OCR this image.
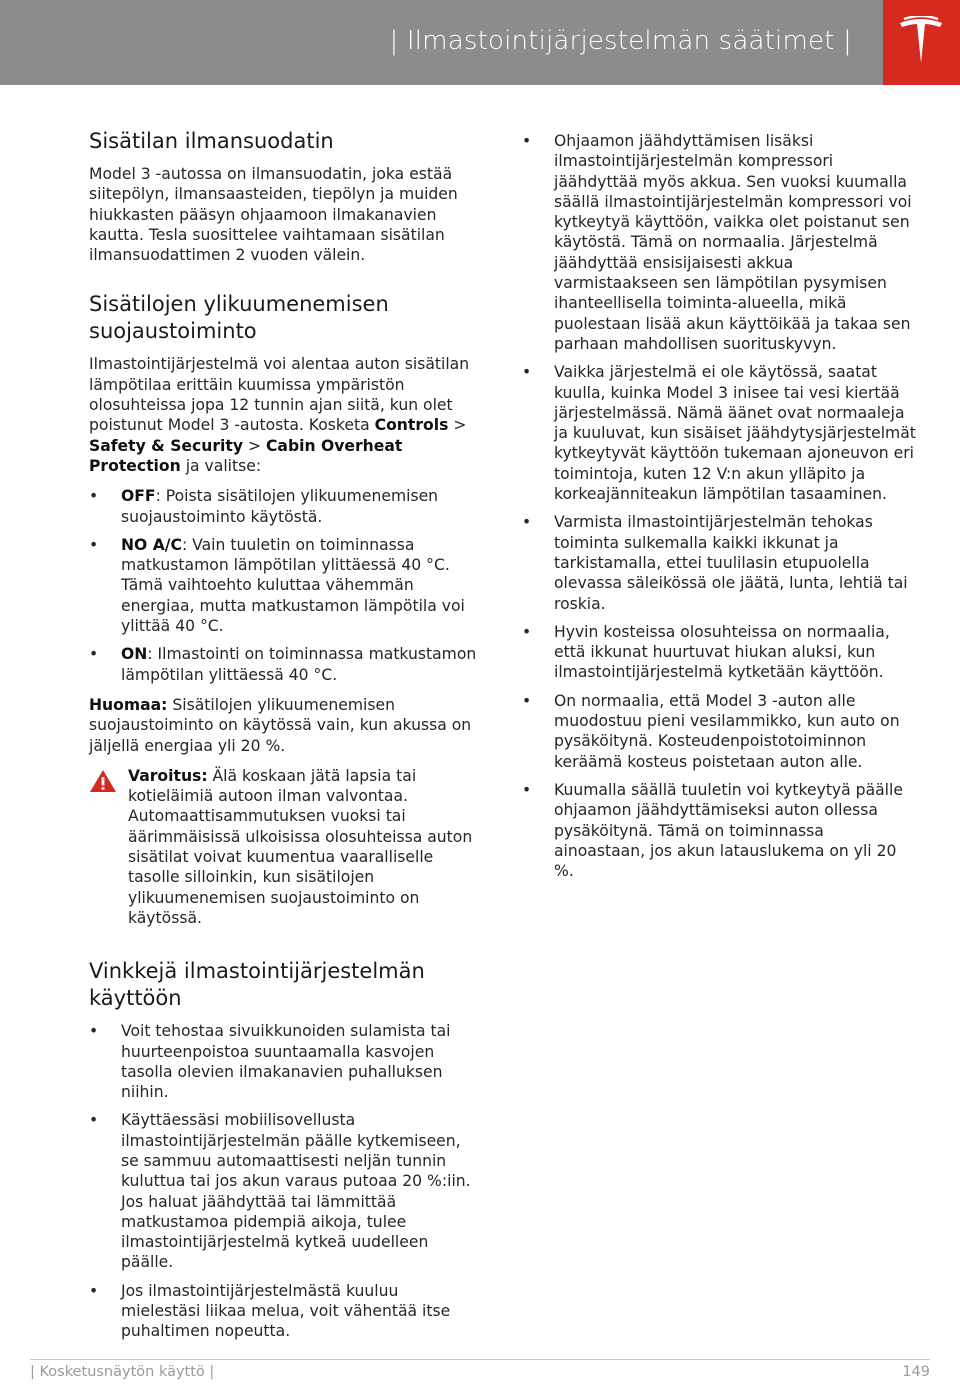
| Ilmastointijärjestelmän säätimet |
Sisätilan ilmansuodatin

Model 3 -autossa on ilmansuodatin, joka estää siitepölyn, ilmansaasteiden, tiepölyn ja muiden hiukkasten pääsyn ohjaamoon ilmakanavien kautta. Tesla suosittelee vaihtamaan sisätilan ilmansuodattimen 2 vuoden välein.

Sisätilojen ylikuumenemisen suojaustoiminto

Ilmastointijärjestelmä voi alentaa auton sisätilan lämpötilaa erittäin kuumissa ympäristön olosuhteissa jopa 12 tunnin ajan siitä, kun olet poistunut Model 3 -autosta. Kosketa Controls > Safety & Security > Cabin Overheat Protection ja valitse:

• OFF: Poista sisätilojen ylikuumenemisen suojaustoiminto käytöstä.
• NO A/C: Vain tuuletin on toiminnassa matkustamon lämpötilan ylittäessä 40 °C. Tämä vaihtoehto kuluttaa vähemmän energiaa, mutta matkustamon lämpötila voi ylittää 40 °C.
• ON: Ilmastointi on toiminnassa matkustamon lämpötilan ylittäessä 40 °C.

Huomaa: Sisätilojen ylikuumenemisen suojaustoiminto on käytössä vain, kun akussa on jäljellä energiaa yli 20 %.

Varoitus: Älä koskaan jätä lapsia tai kotieläimiä autoon ilman valvontaa. Automaattisammutuksen vuoksi tai äärimmäisissä ulkoisissa olosuhteissa auton sisätilat voivat kuumentua vaaralliselle tasolle silloinkin, kun sisätilojen ylikuumenemisen suojaustoiminto on käytössä.
Vinkkejä ilmastointijärjestelmän käyttöön
• Voit tehostaa sivuikkunoiden sulamista tai huurteenpoistoa suuntaamalla kasvojen tasolla olevien ilmakanavien puhalluksen niihin.
• Käyttäessäsi mobiilisovellusta ilmastointijärjestelmän päälle kytkemiseen, se sammuu automaattisesti neljän tunnin kuluttua tai jos akun varaus putoaa 20 %:iin. Jos haluat jäähdyttää tai lämmittää matkustamoa pidempiä aikoja, tulee ilmastointijärjestelmä kytkeä uudelleen päälle.
• Jos ilmastointijärjestelmästä kuuluu mielestäsi liikaa melua, voit vähentää itse puhaltimen nopeutta.
• Ohjaamon jäähdyttämisen lisäksi ilmastointijärjestelmän kompressori jäähdyttää myös akkua. Sen vuoksi kuumalla säällä ilmastointijärjestelmän kompressori voi kytkeytyä käyttöön, vaikka olet poistanut sen käytöstä. Tämä on normaalia. Järjestelmä jäähdyttää ensisijaisesti akkua varmistaakseen sen lämpötilan pysymisen ihanteellisella toiminta-alueella, mikä puolestaan lisää akun käyttöikää ja takaa sen parhaan mahdollisen suorituskyvyn.
• Vaikka järjestelmä ei ole käytössä, saatat kuulla, kuinka Model 3 inisee tai vesi kiertää järjestelmässä. Nämä äänet ovat normaaleja ja kuuluvat, kun sisäiset jäähdytysjärjestelmät kytkeytyvät käyttöön tukemaan ajoneuvon eri toimintoja, kuten 12 V:n akun ylläpito ja korkeajänniteakun lämpötilan tasaaminen.
• Varmista ilmastointijärjestelmän tehokas toiminta sulkemalla kaikki ikkunat ja tarkistamalla, ettei tuulilasin etupuolella olevassa säleikössä ole jäätä, lunta, lehtiä tai roskia.
• Hyvin kosteissa olosuhteissa on normaalia, että ikkunat huurtuvat hiukan aluksi, kun ilmastointijärjestelmä kytketään käyttöön.
• On normaalia, että Model 3 -auton alle muodostuu pieni vesilammikko, kun auto on pysäköitynä. Kosteudenpoistotoiminnon keräämä kosteus poistetaan auton alle.
• Kuumalla säällä tuuletin voi kytkeytyä päälle ohjaamon jäähdyttämiseksi auton ollessa pysäköitynä. Tämä on toiminnassa ainoastaan, jos akun latauslukema on yli 20 %.
| Kosketusnäytön käyttö |	149
